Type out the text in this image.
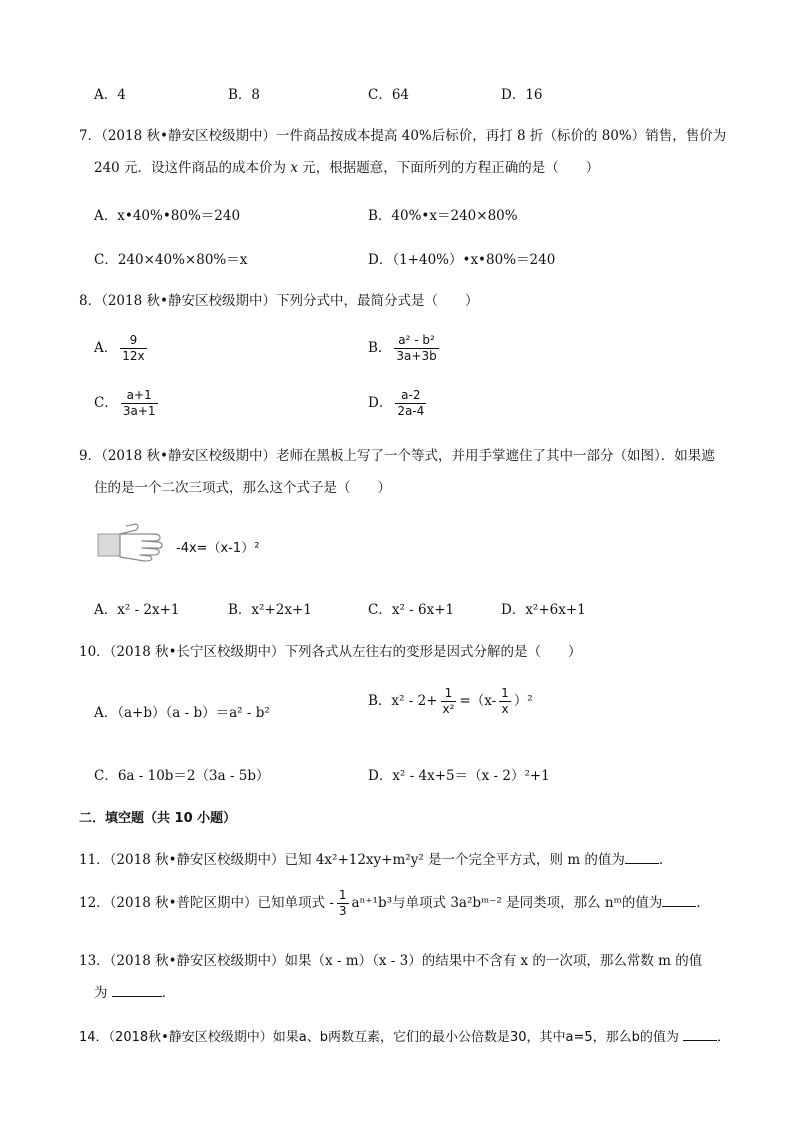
A．4	B．8	C．64	D．16
7．（2018 秋•静安区校级期中）一件商品按成本提高 40%后标价，再打 8 折（标价的 80%）销售，售价为
240 元．设这件商品的成本价为 x 元，根据题意，下面所列的方程正确的是（　　）
A．x•40%•80%＝240	B．40%•x＝240×80%
C．240×40%×80%＝x	D．（1+40%）•x•80%＝240
8．（2018 秋•静安区校级期中）下列分式中，最简分式是（　　）
A． $\frac{9}{12x}$	B． $\frac{\text{a² - b²}}{3a+3b}$
C． $\frac{a+1}{3a+1}$	D． $\frac{a-2}{2a-4}$
9．（2018 秋•静安区校级期中）老师在黑板上写了一个等式，并用手掌遮住了其中一部分（如图）．如果遮
住的是一个二次三项式，那么这个式子是（　　）
-4x=（x-1）²
A．x² - 2x+1	B．x²+2x+1	C．x² - 6x+1	D．x²+6x+1
10．（2018 秋•长宁区校级期中）下列各式从左往右的变形是因式分解的是（　　）
A．（a+b）（a - b）＝a² - b²
B．$x^2 - 2+ \frac{1}{\text{x²}} =(x- \frac{1}{x} )^2$
C．6a - 10b＝2（3a - 5b）	D．x² - 4x+5＝（x - 2）²+1
二．填空题（共 10 小题）
11．（2018 秋•静安区校级期中）已知 4x²+12xy+m²y² 是一个完全平方式，则 m 的值为	．
12．（2018 秋•普陀区期中）已知单项式 - $\frac{1}{3} a^{n+1}b^3$与单项式 3a²bᵐ⁻² 是同类项，那么 nᵐ的值为	．
13．（2018 秋•静安区校级期中）如果（x - m）（x - 3）的结果中不含有 x 的一次项，那么常数 m 的值
为	．
14．（2018秋•静安区校级期中）如果a、b两数互素，它们的最小公倍数是30，其中a=5，那么b的值为	．
